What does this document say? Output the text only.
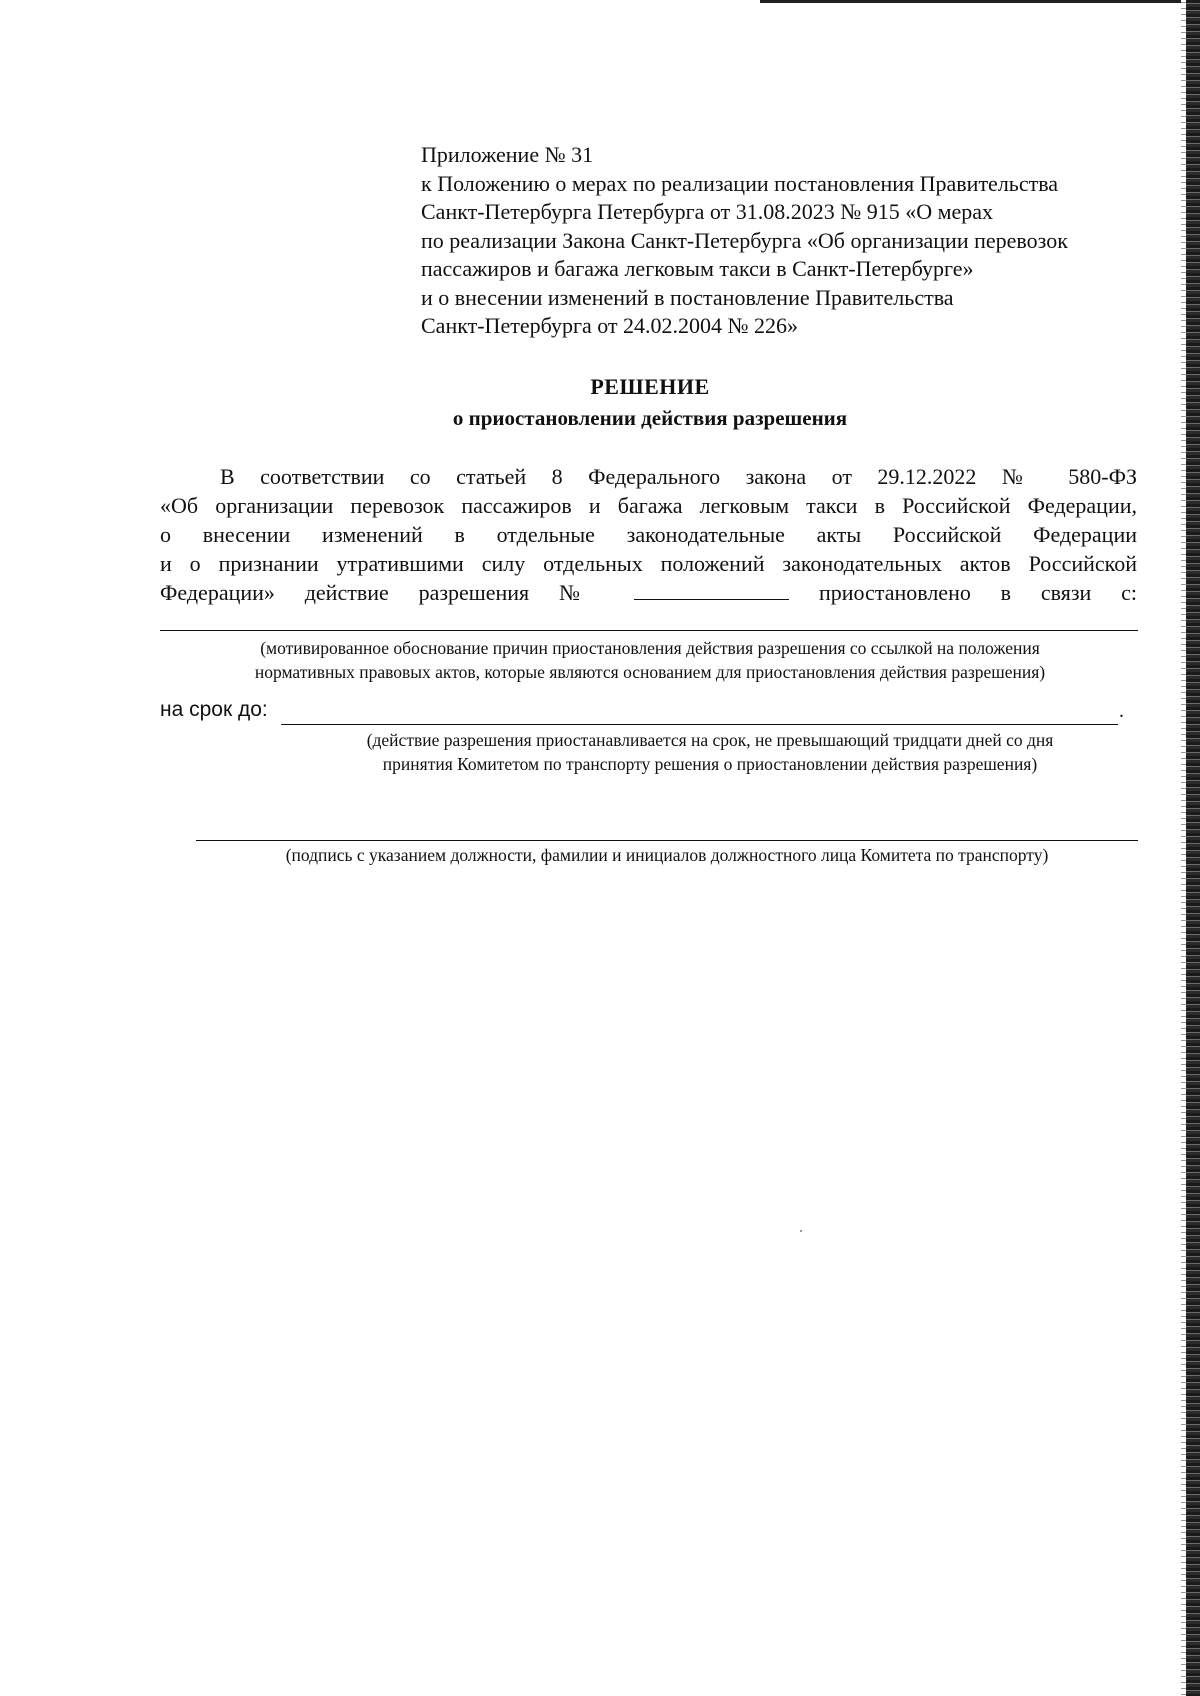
Приложение № 31
к Положению о мерах по реализации постановления Правительства
Санкт-Петербурга Петербурга от 31.08.2023 № 915 «О мерах
по реализации Закона Санкт-Петербурга «Об организации перевозок
пассажиров и багажа легковым такси в Санкт-Петербурге»
и о внесении изменений в постановление Правительства
Санкт-Петербурга от 24.02.2004 № 226»
РЕШЕНИЕ
о приостановлении действия разрешения
В соответствии со статьей 8 Федерального закона от 29.12.2022 № 580-ФЗ
«Об организации перевозок пассажиров и багажа легковым такси в Российской Федерации,
о внесении изменений в отдельные законодательные акты Российской Федерации
и о признании утратившими силу отдельных положений законодательных актов Российской
Федерации» действие разрешения №	приостановлено в связи с:
(мотивированное обоснование причин приостановления действия разрешения со ссылкой на положения
нормативных правовых актов, которые являются основанием для приостановления действия разрешения)
на срок до:	.
(действие разрешения приостанавливается на срок, не превышающий тридцати дней со дня
принятия Комитетом по транспорту решения о приостановлении действия разрешения)
(подпись с указанием должности, фамилии и инициалов должностного лица Комитета по транспорту)
